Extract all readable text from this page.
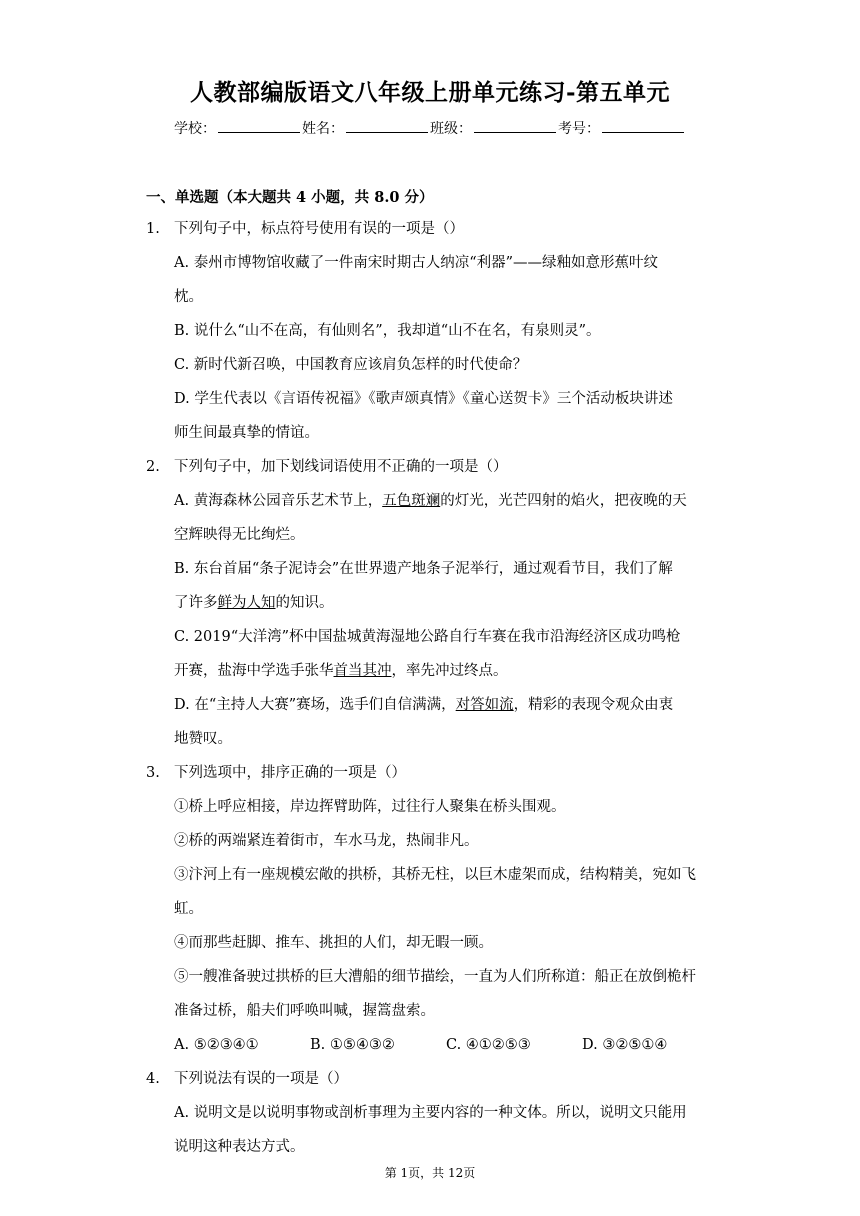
人教部编版语文八年级上册单元练习-第五单元
学校：	姓名：	班级：	考号：
一、单选题（本大题共 4 小题，共 8.0 分）
1. 下列句子中，标点符号使用有误的一项是（）
A. 泰州市博物馆收藏了一件南宋时期古人纳凉“利器”——绿釉如意形蕉叶纹
枕。
B. 说什么“山不在高，有仙则名”，我却道“山不在名，有泉则灵”。
C. 新时代新召唤，中国教育应该肩负怎样的时代使命？
D. 学生代表以《言语传祝福》《歌声颂真情》《童心送贺卡》三个活动板块讲述
师生间最真挚的情谊。
2. 下列句子中，加下划线词语使用不正确的一项是（）
A. 黄海森林公园音乐艺术节上，五色斑斓的灯光，光芒四射的焰火，把夜晚的天
空辉映得无比绚烂。
B. 东台首届“条子泥诗会”在世界遗产地条子泥举行，通过观看节目，我们了解
了许多鲜为人知的知识。
C. 2019“大洋湾”杯中国盐城黄海湿地公路自行车赛在我市沿海经济区成功鸣枪
开赛，盐海中学选手张华首当其冲，率先冲过终点。
D. 在“主持人大赛”赛场，选手们自信满满，对答如流，精彩的表现令观众由衷
地赞叹。
3. 下列选项中，排序正确的一项是（）
①桥上呼应相接，岸边挥臂助阵，过往行人聚集在桥头围观。
②桥的两端紧连着街市，车水马龙，热闹非凡。
③汴河上有一座规模宏敞的拱桥，其桥无柱，以巨木虚架而成，结构精美，宛如飞
虹。
④而那些赶脚、推车、挑担的人们，却无暇一顾。
⑤一艘准备驶过拱桥的巨大漕船的细节描绘，一直为人们所称道：船正在放倒桅杆
准备过桥，船夫们呼唤叫喊，握篙盘索。
A. ⑤②③④①	B. ①⑤④③②	C. ④①②⑤③	D. ③②⑤①④
4. 下列说法有误的一项是（）
A. 说明文是以说明事物或剖析事理为主要内容的一种文体。所以，说明文只能用
说明这种表达方式。
第 1页，共 12页
